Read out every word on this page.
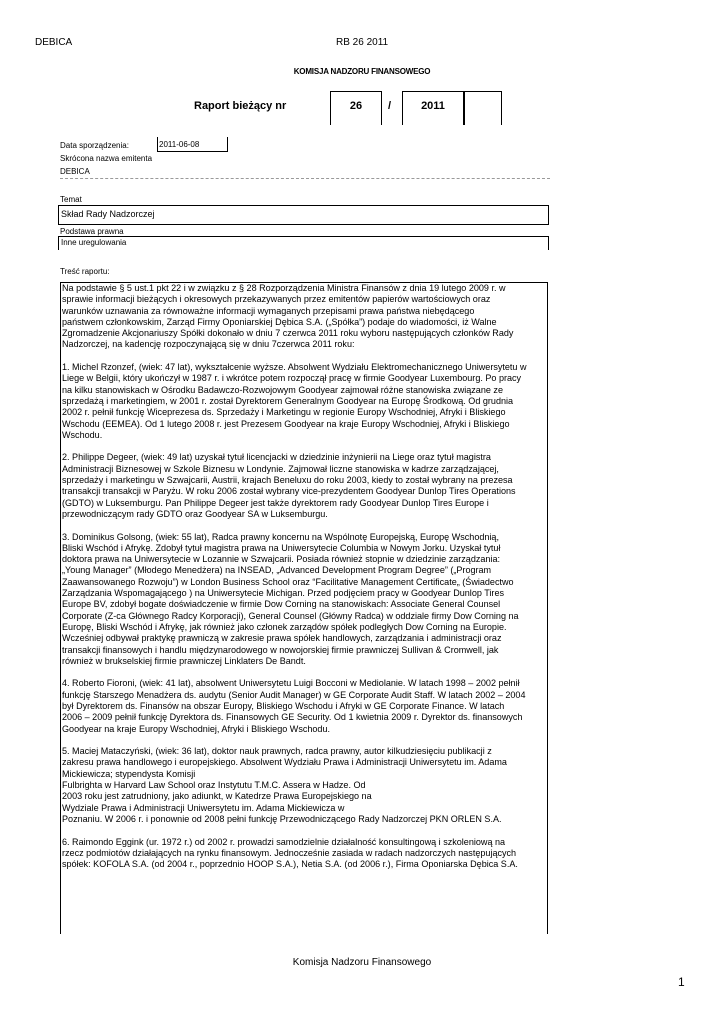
DEBICA	RB 26 2011
KOMISJA NADZORU FINANSOWEGO
Raport bieżący nr	26	/	2011
Data sporządzenia:	2011-06-08
Skrócona nazwa emitenta
DEBICA
Temat
Skład Rady Nadzorczej
Podstawa prawna
Inne uregulowania
Treść raportu:

Na podstawie § 5 ust.1 pkt 22 i w związku z § 28 Rozporządzenia Ministra Finansów z dnia 19 lutego 2009 r. w
sprawie informacji bieżących i okresowych przekazywanych przez emitentów papierów wartościowych oraz
warunków uznawania za równoważne informacji wymaganych przepisami prawa państwa niebędącego
państwem członkowskim, Zarząd Firmy Oponiarskiej Dębica S.A. („Spółka”) podaje do wiadomości, iż Walne
Zgromadzenie Akcjonariuszy Spółki dokonało w dniu 7 czerwca 2011 roku wyboru następujących członków Rady
Nadzorczej, na kadencję rozpoczynającą się w dniu 7czerwca 2011 roku:

1. Michel Rzonzef, (wiek: 47 lat), wykształcenie wyższe. Absolwent Wydziału Elektromechanicznego Uniwersytetu w
Liege w Belgii, który ukończył w 1987 r. i wkrótce potem rozpoczął pracę w firmie Goodyear Luxembourg. Po pracy
na kilku stanowiskach w Ośrodku Badawczo-Rozwojowym Goodyear zajmował różne stanowiska związane ze
sprzedażą i marketingiem, w 2001 r. został Dyrektorem Generalnym Goodyear na Europę Środkową. Od grudnia
2002 r. pełnił funkcję Wiceprezesa ds. Sprzedaży i Marketingu w regionie Europy Wschodniej, Afryki i Bliskiego
Wschodu (EEMEA). Od 1 lutego 2008 r. jest Prezesem Goodyear na kraje Europy Wschodniej, Afryki i Bliskiego
Wschodu.

2. Philippe Degeer, (wiek: 49 lat) uzyskał tytuł licencjacki w dziedzinie inżynierii na Liege oraz tytuł magistra
Administracji Biznesowej w Szkole Biznesu w Londynie. Zajmował liczne stanowiska w kadrze zarządzającej,
sprzedaży i marketingu w Szwajcarii, Austrii, krajach Beneluxu do roku 2003, kiedy to został wybrany na prezesa
transakcji transakcji w Paryżu. W roku 2006 został wybrany vice-prezydentem Goodyear Dunlop Tires Operations
(GDTO) w Luksemburgu. Pan Philippe Degeer jest także dyrektorem rady Goodyear Dunlop Tires Europe i
przewodniczącym rady GDTO oraz Goodyear SA w Luksemburgu.

3. Dominikus Golsong, (wiek: 55 lat), Radca prawny koncernu na Wspólnotę Europejską, Europę Wschodnią,
Bliski Wschód i Afrykę. Zdobył tytuł magistra prawa na Uniwersytecie Columbia w Nowym Jorku. Uzyskał tytuł
doktora prawa na Uniwersytecie w Lozannie w Szwajcarii. Posiada również stopnie w dziedzinie zarządzania:
„Young Manager” (Młodego Menedżera) na INSEAD, „Advanced Development Program Degree” („Program
Zaawansowanego Rozwoju”) w London Business School oraz “Facilitative Management Certificate„ (Świadectwo
Zarządzania Wspomagającego ) na Uniwersytecie Michigan. Przed podjęciem pracy w Goodyear Dunlop Tires
Europe BV, zdobył bogate doświadczenie w firmie Dow Corning na stanowiskach: Associate General Counsel
Corporate (Z-ca Głównego Radcy Korporacji), General Counsel (Główny Radca) w oddziale firmy Dow Corning na
Europę, Bliski Wschód i Afrykę, jak również jako członek zarządów spółek podległych Dow Corning na Europie.
Wcześniej odbywał praktykę prawniczą w zakresie prawa spółek handlowych, zarządzania i administracji oraz
transakcji finansowych i handlu międzynarodowego w nowojorskiej firmie prawniczej Sullivan & Cromwell, jak
również w brukselskiej firmie prawniczej Linklaters De Bandt.

4. Roberto Fioroni, (wiek: 41 lat), absolwent Uniwersytetu Luigi Bocconi w Mediolanie. W latach 1998 – 2002 pełnił
funkcję Starszego Menadżera ds. audytu (Senior Audit Manager) w GE Corporate Audit Staff. W latach 2002 – 2004
był Dyrektorem ds. Finansów na obszar Europy, Bliskiego Wschodu i Afryki w GE Corporate Finance. W latach
2006 – 2009 pełnił funkcję Dyrektora ds. Finansowych GE Security. Od 1 kwietnia 2009 r. Dyrektor ds. finansowych
Goodyear na kraje Europy Wschodniej, Afryki i Bliskiego Wschodu.

5. Maciej Mataczyński, (wiek: 36 lat), doktor nauk prawnych, radca prawny, autor kilkudziesięciu publikacji z
zakresu prawa handlowego i europejskiego. Absolwent Wydziału Prawa i Administracji Uniwersytetu im. Adama
Mickiewicza; stypendysta Komisji
Fulbrighta w Harvard Law School oraz Instytutu T.M.C. Assera w Hadze. Od
2003 roku jest zatrudniony, jako adiunkt, w Katedrze Prawa Europejskiego na
Wydziale Prawa i Administracji Uniwersytetu im. Adama Mickiewicza w
Poznaniu. W 2006 r. i ponownie od 2008 pełni funkcję Przewodniczącego Rady Nadzorczej PKN ORLEN S.A.

6. Raimondo Eggink (ur. 1972 r.) od 2002 r. prowadzi samodzielnie działalność konsultingową i szkoleniową na
rzecz podmiotów działających na rynku finansowym. Jednocześnie zasiada w radach nadzorczych następujących
spółek: KOFOLA S.A. (od 2004 r., poprzednio HOOP S.A.), Netia S.A. (od 2006 r.), Firma Oponiarska Dębica S.A.

Komisja Nadzoru Finansowego
1
